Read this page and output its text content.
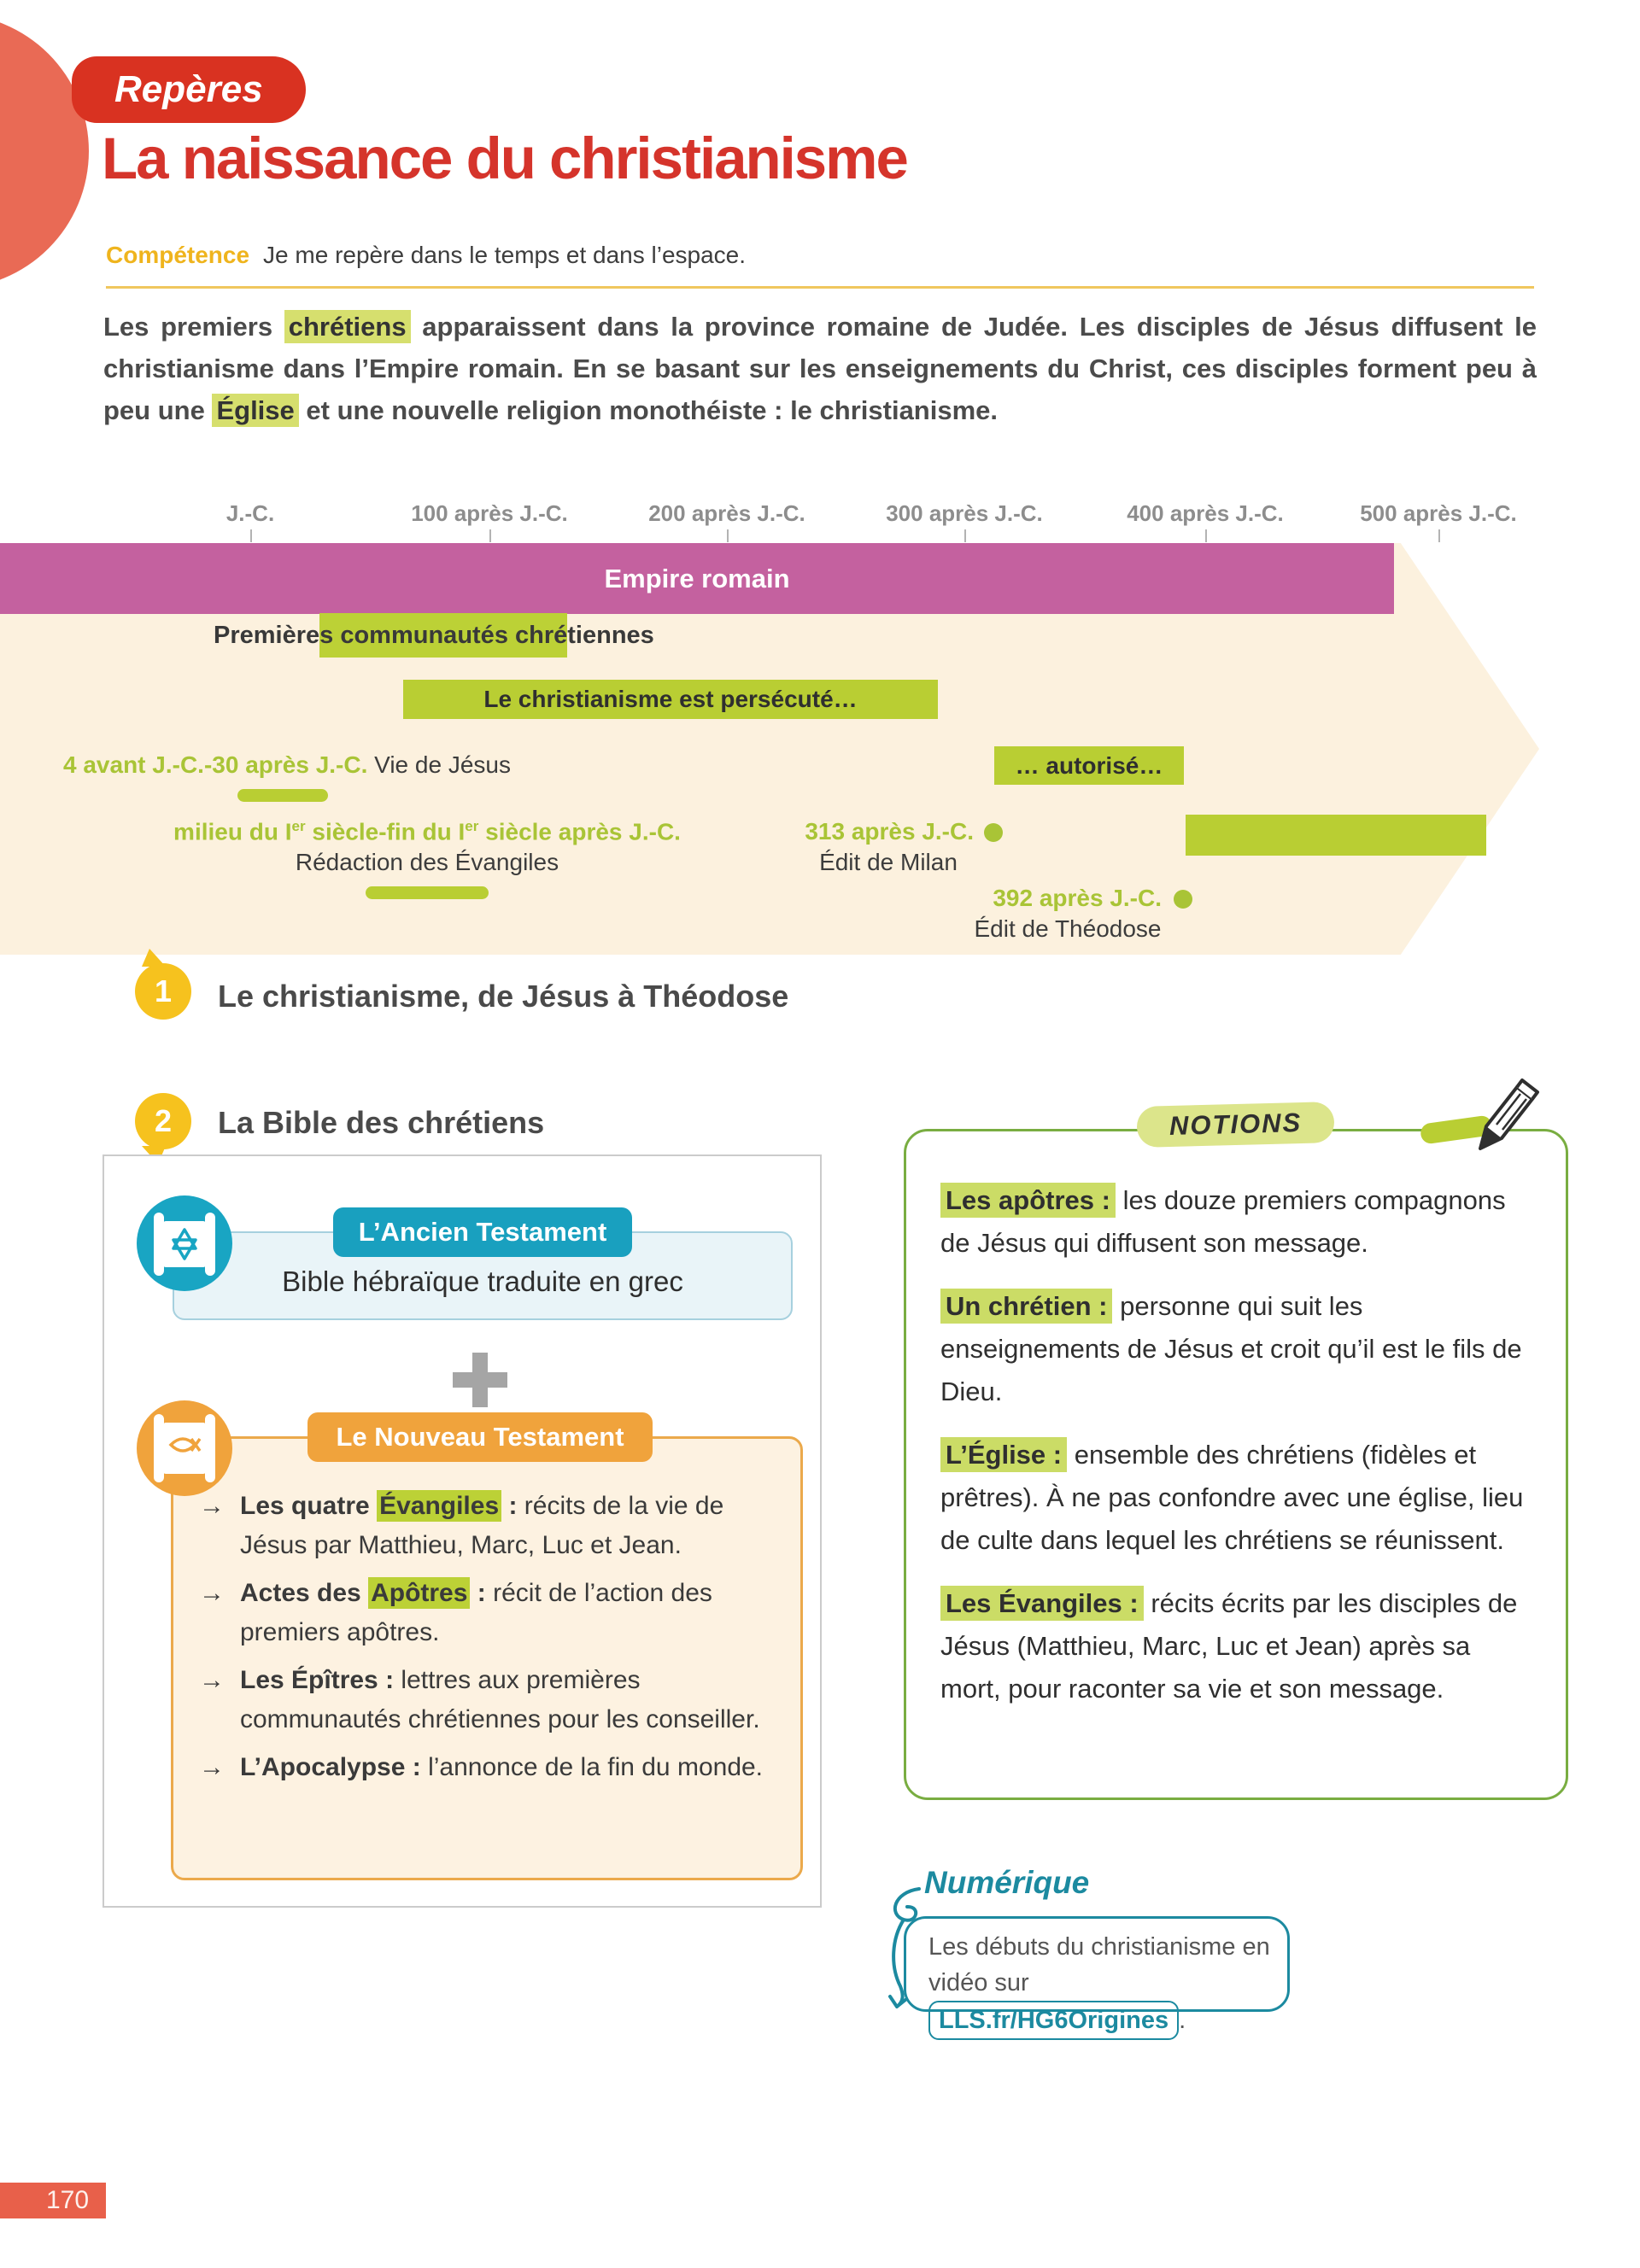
Repères
La naissance du christianisme
Compétence Je me repère dans le temps et dans l’espace.

Les premiers chrétiens apparaissent dans la province romaine de Judée. Les disciples de Jésus diffusent le christianisme dans l’Empire romain. En se basant sur les enseignements du Christ, ces disciples forment peu à peu une Église et une nouvelle religion monothéiste : le christianisme.

J.-C.	100 après J.-C.	200 après J.-C.	300 après J.-C.	400 après J.-C.	500 après J.-C.
Empire romain
Premières communautés chrétiennes
Le christianisme est persécuté…
4 avant J.-C.-30 après J.-C. Vie de Jésus	… autorisé…
milieu du Ier siècle-fin du Ier siècle après J.-C.	313 après J.-C.
Rédaction des Évangiles	Édit de Milan
392 après J.-C.
Édit de Théodose
1 Le christianisme, de Jésus à Théodose
2 La Bible des chrétiens
L’Ancien Testament
Bible hébraïque traduite en grec
Le Nouveau Testament
→ Les quatre Évangiles : récits de la vie de Jésus par Matthieu, Marc, Luc et Jean.
→ Actes des Apôtres : récit de l’action des premiers apôtres.
→ Les Épîtres : lettres aux premières communautés chrétiennes pour les conseiller.
→ L’Apocalypse : l’annonce de la fin du monde.
NOTIONS

Les apôtres : les douze premiers compagnons de Jésus qui diffusent son message.

Un chrétien : personne qui suit les enseignements de Jésus et croit qu’il est le fils de Dieu.

L’Église : ensemble des chrétiens (fidèles et prêtres). À ne pas confondre avec une église, lieu de culte dans lequel les chrétiens se réunissent.

Les Évangiles : récits écrits par les disciples de Jésus (Matthieu, Marc, Luc et Jean) après sa mort, pour raconter sa vie et son message.

Numérique
Les débuts du christianisme en vidéo sur LLS.fr/HG6Origines .
170
